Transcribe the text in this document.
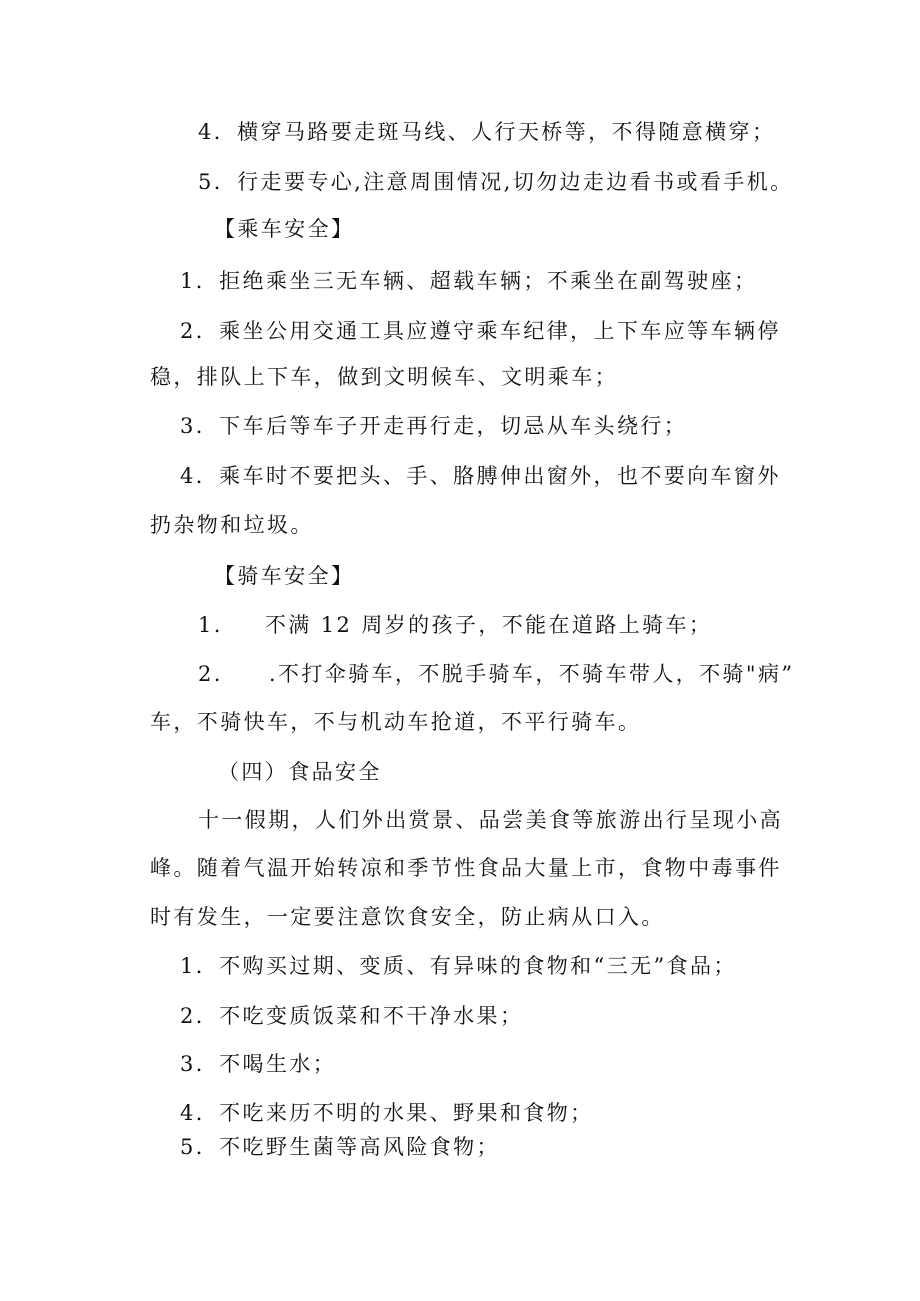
4．横穿马路要走斑马线、人行天桥等，不得随意横穿；
5．行走要专心,注意周围情况,切勿边走边看书或看手机。
【乘车安全】
1．拒绝乘坐三无车辆、超载车辆；不乘坐在副驾驶座；
2．乘坐公用交通工具应遵守乘车纪律，上下车应等车辆停
稳，排队上下车，做到文明候车、文明乘车；
3．下车后等车子开走再行走，切忌从车头绕行；
4．乘车时不要把头、手、胳膊伸出窗外，也不要向车窗外
扔杂物和垃圾。
【骑车安全】
1. 不满 12 周岁的孩子，不能在道路上骑车；
2. .不打伞骑车，不脱手骑车，不骑车带人，不骑"病”
车，不骑快车，不与机动车抢道，不平行骑车。
（四）食品安全
十一假期，人们外出赏景、品尝美食等旅游出行呈现小高
峰。随着气温开始转凉和季节性食品大量上市，食物中毒事件
时有发生，一定要注意饮食安全，防止病从口入。
1．不购买过期、变质、有异味的食物和“三无”食品；
2．不吃变质饭菜和不干净水果；
3．不喝生水；
4．不吃来历不明的水果、野果和食物；
5．不吃野生菌等高风险食物；
